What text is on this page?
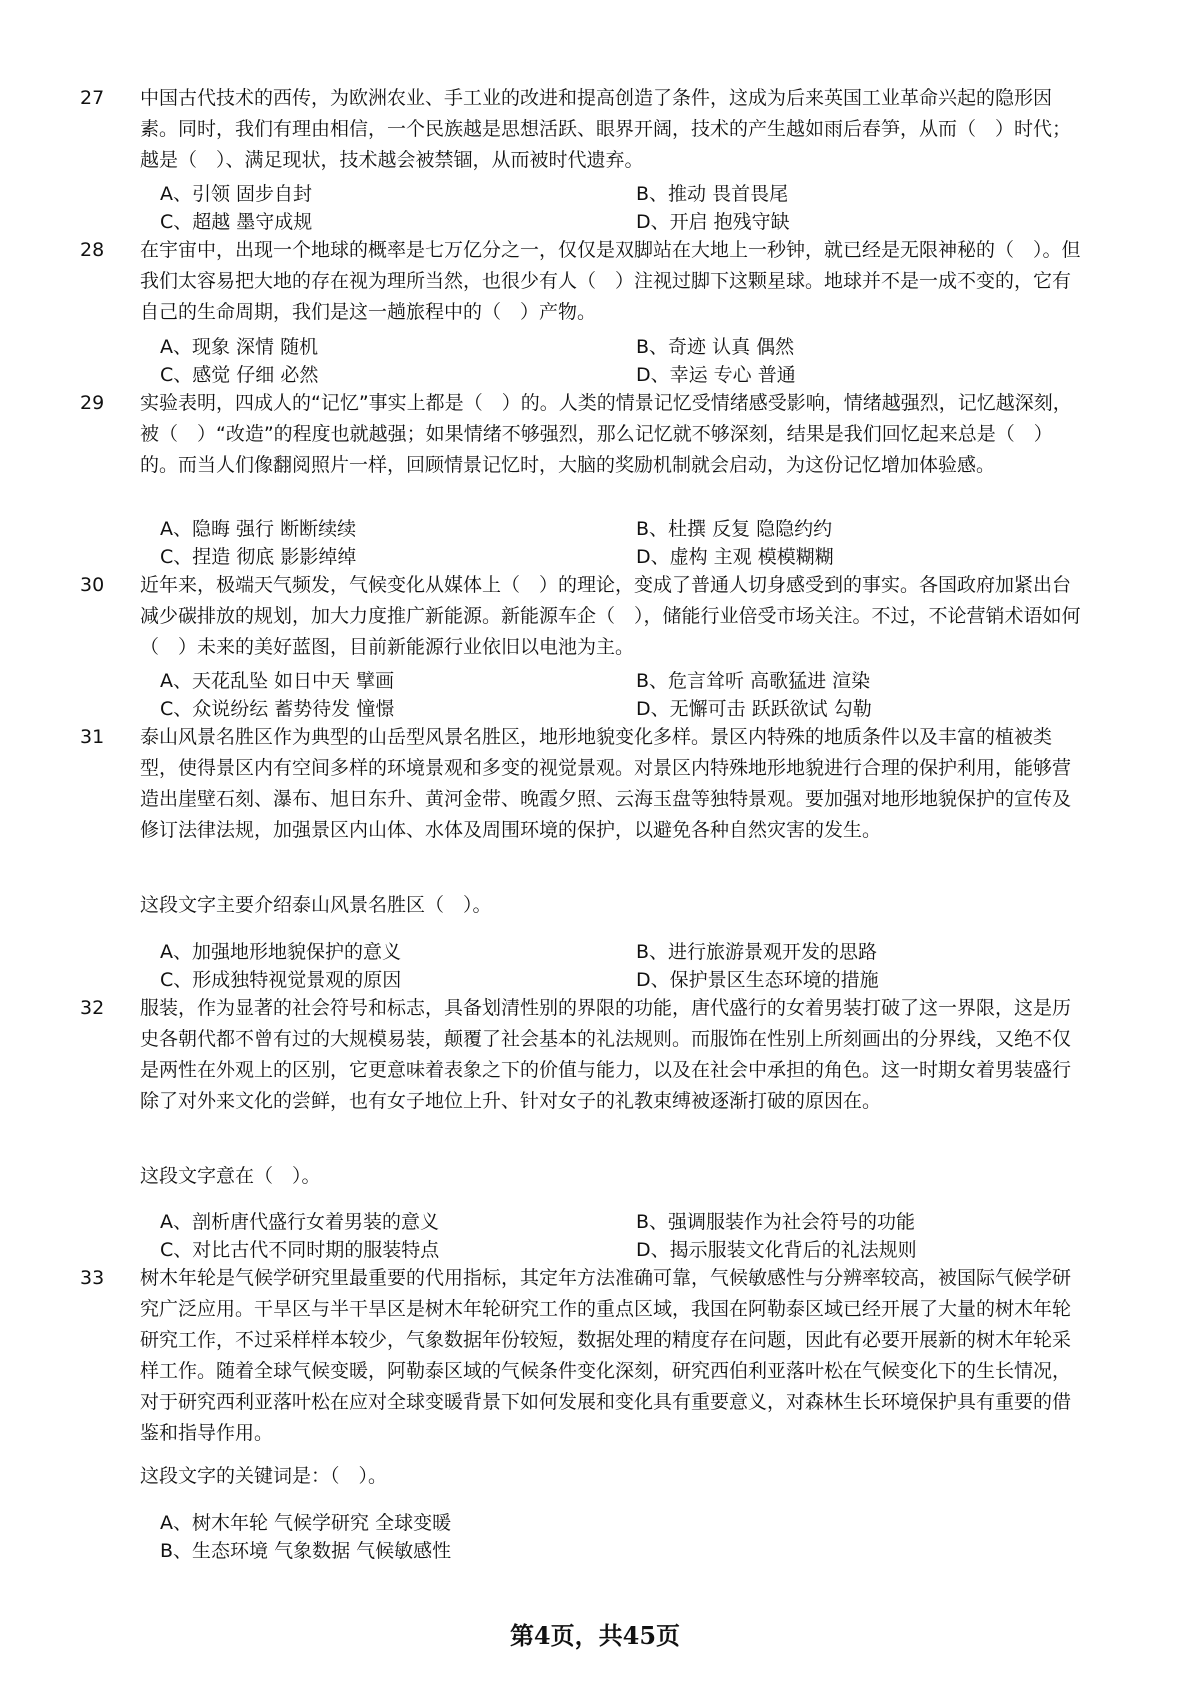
27 中国古代技术的西传，为欧洲农业、手工业的改进和提高创造了条件，这成为后来英国工业革命兴起的隐形因素。同时，我们有理由相信，一个民族越是思想活跃、眼界开阔，技术的产生越如雨后春笋，从而（　）时代；越是（　）、满足现状，技术越会被禁锢，从而被时代遗弃。

A、引领 固步自封	B、推动 畏首畏尾
C、超越 墨守成规	D、开启 抱残守缺
28 在宇宙中，出现一个地球的概率是七万亿分之一，仅仅是双脚站在大地上一秒钟，就已经是无限神秘的（　）。但我们太容易把大地的存在视为理所当然，也很少有人（　）注视过脚下这颗星球。地球并不是一成不变的，它有自己的生命周期，我们是这一趟旅程中的（　）产物。

A、现象 深情 随机	B、奇迹 认真 偶然
C、感觉 仔细 必然	D、幸运 专心 普通
29 实验表明，四成人的“记忆”事实上都是（　）的。人类的情景记忆受情绪感受影响，情绪越强烈，记忆越深刻，被（　）“改造”的程度也就越强；如果情绪不够强烈，那么记忆就不够深刻，结果是我们回忆起来总是（　）的。而当人们像翻阅照片一样，回顾情景记忆时，大脑的奖励机制就会启动，为这份记忆增加体验感。

A、隐晦 强行 断断续续	B、杜撰 反复 隐隐约约
C、捏造 彻底 影影绰绰	D、虚构 主观 模模糊糊
30 近年来，极端天气频发，气候变化从媒体上（　）的理论，变成了普通人切身感受到的事实。各国政府加紧出台减少碳排放的规划，加大力度推广新能源。新能源车企（　），储能行业倍受市场关注。不过，不论营销术语如何（　）未来的美好蓝图，目前新能源行业依旧以电池为主。

A、天花乱坠 如日中天 擘画	B、危言耸听 高歌猛进 渲染
C、众说纷纭 蓄势待发 憧憬	D、无懈可击 跃跃欲试 勾勒
31 泰山风景名胜区作为典型的山岳型风景名胜区，地形地貌变化多样。景区内特殊的地质条件以及丰富的植被类型，使得景区内有空间多样的环境景观和多变的视觉景观。对景区内特殊地形地貌进行合理的保护利用，能够营造出崖壁石刻、瀑布、旭日东升、黄河金带、晚霞夕照、云海玉盘等独特景观。要加强对地形地貌保护的宣传及修订法律法规，加强景区内山体、水体及周围环境的保护，以避免各种自然灾害的发生。

这段文字主要介绍泰山风景名胜区（　）。
A、加强地形地貌保护的意义	B、进行旅游景观开发的思路
C、形成独特视觉景观的原因	D、保护景区生态环境的措施
32 服装，作为显著的社会符号和标志，具备划清性别的界限的功能，唐代盛行的女着男装打破了这一界限，这是历史各朝代都不曾有过的大规模易装，颠覆了社会基本的礼法规则。而服饰在性别上所刻画出的分界线，又绝不仅是两性在外观上的区别，它更意味着表象之下的价值与能力，以及在社会中承担的角色。这一时期女着男装盛行除了对外来文化的尝鲜，也有女子地位上升、针对女子的礼教束缚被逐渐打破的原因在。

这段文字意在（　）。
A、剖析唐代盛行女着男装的意义	B、强调服装作为社会符号的功能
C、对比古代不同时期的服装特点	D、揭示服装文化背后的礼法规则
33 树木年轮是气候学研究里最重要的代用指标，其定年方法准确可靠，气候敏感性与分辨率较高，被国际气候学研究广泛应用。干旱区与半干旱区是树木年轮研究工作的重点区域，我国在阿勒泰区域已经开展了大量的树木年轮研究工作，不过采样样本较少，气象数据年份较短，数据处理的精度存在问题，因此有必要开展新的树木年轮采样工作。随着全球气候变暖，阿勒泰区域的气候条件变化深刻，研究西伯利亚落叶松在气候变化下的生长情况，对于研究西利亚落叶松在应对全球变暖背景下如何发展和变化具有重要意义，对森林生长环境保护具有重要的借鉴和指导作用。

这段文字的关键词是：（　）。
A、树木年轮 气候学研究 全球变暖
B、生态环境 气象数据 气候敏感性
第4页，共45页
